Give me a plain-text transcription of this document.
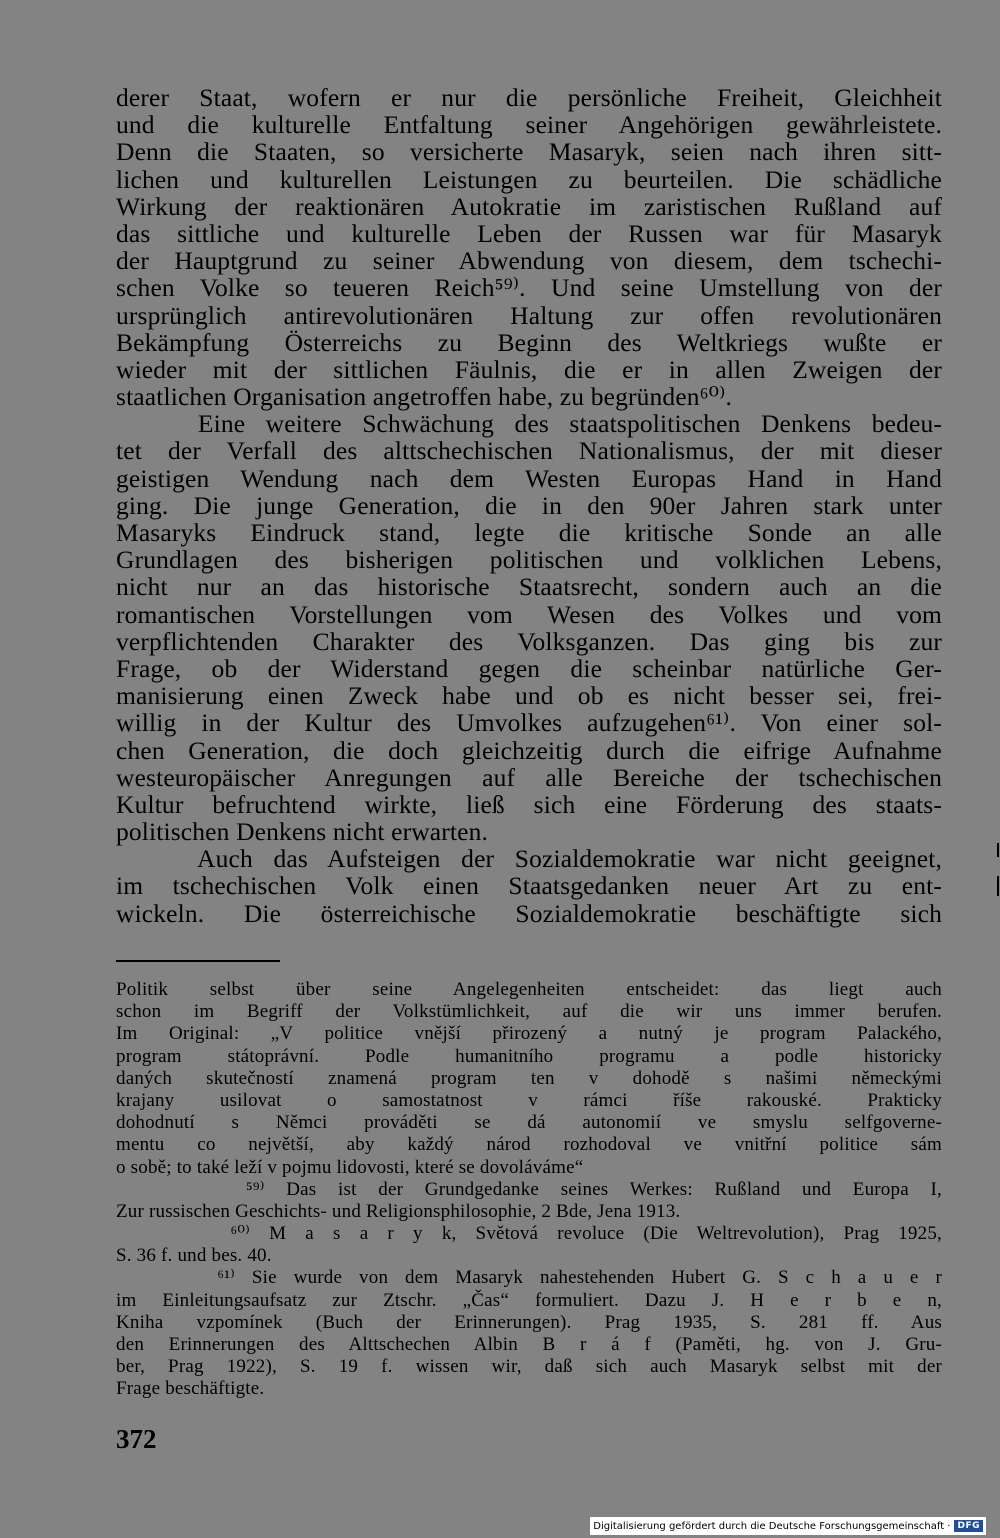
derer Staat, wofern er nur die persönliche Freiheit, Gleichheit
und die kulturelle Entfaltung seiner Angehörigen gewährleistete.
Denn die Staaten, so versicherte Masaryk, seien nach ihren sitt-
lichen und kulturellen Leistungen zu beurteilen. Die schädliche
Wirkung der reaktionären Autokratie im zaristischen Rußland auf
das sittliche und kulturelle Leben der Russen war für Masaryk
der Hauptgrund zu seiner Abwendung von diesem, dem tschechi-
schen Volke so teueren Reich⁵⁹⁾. Und seine Umstellung von der
ursprünglich antirevolutionären Haltung zur offen revolutionären
Bekämpfung Österreichs zu Beginn des Weltkriegs wußte er
wieder mit der sittlichen Fäulnis, die er in allen Zweigen der
staatlichen Organisation angetroffen habe, zu begründen⁶⁰⁾.
Eine weitere Schwächung des staatspolitischen Denkens bedeu-
tet der Verfall des alttschechischen Nationalismus, der mit dieser
geistigen Wendung nach dem Westen Europas Hand in Hand
ging. Die junge Generation, die in den 90er Jahren stark unter
Masaryks Eindruck stand, legte die kritische Sonde an alle
Grundlagen des bisherigen politischen und volklichen Lebens,
nicht nur an das historische Staatsrecht, sondern auch an die
romantischen Vorstellungen vom Wesen des Volkes und vom
verpflichtenden Charakter des Volksganzen. Das ging bis zur
Frage, ob der Widerstand gegen die scheinbar natürliche Ger-
manisierung einen Zweck habe und ob es nicht besser sei, frei-
willig in der Kultur des Umvolkes aufzugehen⁶¹⁾. Von einer sol-
chen Generation, die doch gleichzeitig durch die eifrige Aufnahme
westeuropäischer Anregungen auf alle Bereiche der tschechischen
Kultur befruchtend wirkte, ließ sich eine Förderung des staats-
politischen Denkens nicht erwarten.
Auch das Aufsteigen der Sozialdemokratie war nicht geeignet,
im tschechischen Volk einen Staatsgedanken neuer Art zu ent-
wickeln. Die österreichische Sozialdemokratie beschäftigte sich
Politik selbst über seine Angelegenheiten entscheidet: das liegt auch
schon im Begriff der Volkstümlichkeit, auf die wir uns immer berufen.
Im Original: „V politice vnější přirozený a nutný je program Palackého,
program státoprávní. Podle humanitního programu a podle historicky
daných skutečností znamená program ten v dohodě s našimi německými
krajany usilovat o samostatnost v rámci říše rakouské. Prakticky
dohodnutí s Němci prováděti se dá autonomií ve smyslu selfgoverne-
mentu co největší, aby každý národ rozhodoval ve vnitřní politice sám
o sobě; to také leží v pojmu lidovosti, které se dovoláváme“
⁵⁹⁾ Das ist der Grundgedanke seines Werkes: Rußland und Europa I,
Zur russischen Geschichts- und Religionsphilosophie, 2 Bde, Jena 1913.
⁶⁰⁾ M a s a r y k, Světová revoluce (Die Weltrevolution), Prag 1925,
S. 36 f. und bes. 40.
⁶¹⁾ Sie wurde von dem Masaryk nahestehenden Hubert G. S c h a u e r
im Einleitungsaufsatz zur Ztschr. „Čas“ formuliert. Dazu J. H e r b e n,
Kniha vzpomínek (Buch der Erinnerungen). Prag 1935, S. 281 ff. Aus
den Erinnerungen des Alttschechen Albin B r á f (Paměti, hg. von J. Gru-
ber, Prag 1922), S. 19 f. wissen wir, daß sich auch Masaryk selbst mit der
Frage beschäftigte.
372
Digitalisierung gefördert durch die Deutsche Forschungsgemeinschaft · DFG
